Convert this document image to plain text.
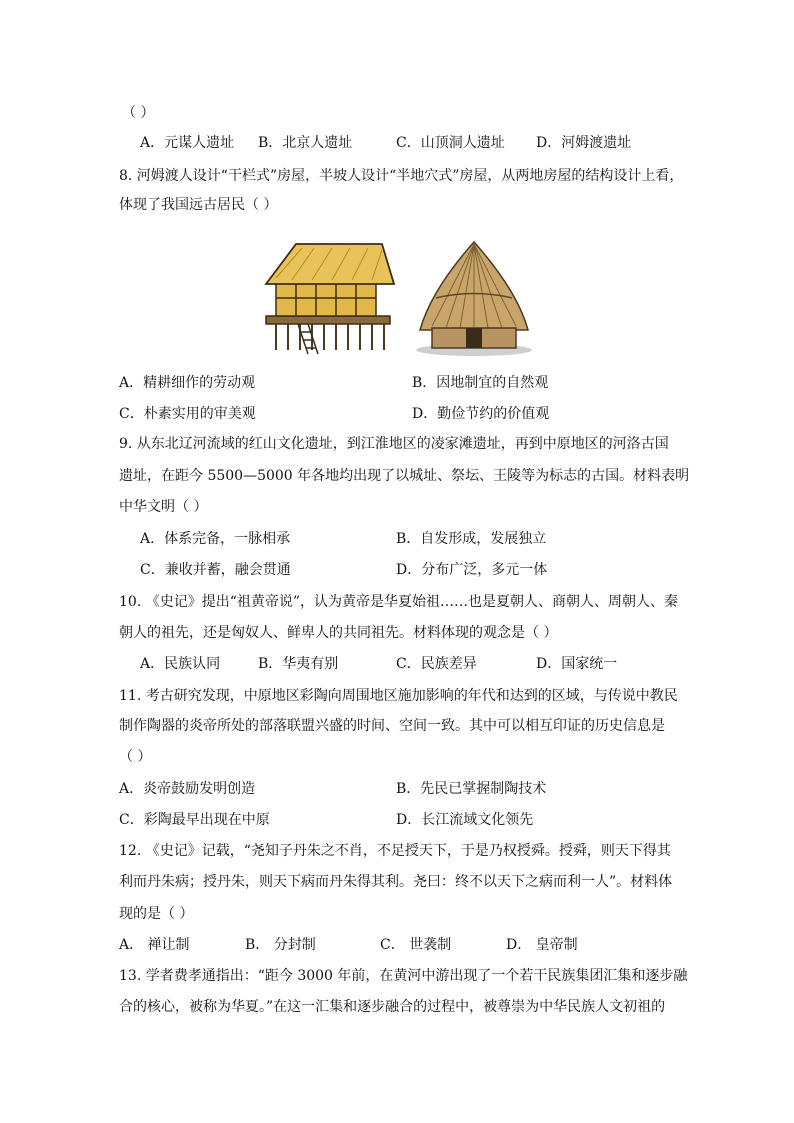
（ ）
A．元谋人遗址 B．北京人遗址	C．山顶洞人遗址 D．河姆渡遗址
8. 河姆渡人设计“干栏式”房屋，半坡人设计“半地穴式”房屋，从两地房屋的结构设计上看，
体现了我国远古居民（ ）
A．精耕细作的劳动观	B．因地制宜的自然观
C．朴素实用的审美观	D．勤俭节约的价值观
9. 从东北辽河流域的红山文化遗址，到江淮地区的凌家滩遗址，再到中原地区的河洛古国
遗址，在距今 5500—5000 年各地均出现了以城址、祭坛、王陵等为标志的古国。材料表明
中华文明（ ）
A．体系完备，一脉相承	B．自发形成，发展独立
C．兼收并蓄，融会贯通	D．分布广泛，多元一体
10. 《史记》提出“祖黄帝说”，认为黄帝是华夏始祖……也是夏朝人、商朝人、周朝人、秦
朝人的祖先，还是匈奴人、鲜卑人的共同祖先。材料体现的观念是（ ）
A．民族认同	B．华夷有别	C．民族差异	D．国家统一
11. 考古研究发现，中原地区彩陶向周围地区施加影响的年代和达到的区域，与传说中教民
制作陶器的炎帝所处的部落联盟兴盛的时间、空间一致。其中可以相互印证的历史信息是
（ ）
A．炎帝鼓励发明创造	B．先民已掌握制陶技术
C．彩陶最早出现在中原	D．长江流域文化领先
12. 《史记》记载，“尧知子丹朱之不肖，不足授天下，于是乃权授舜。授舜，则天下得其
利而丹朱病；授丹朱，则天下病而丹朱得其利。尧曰：终不以天下之病而利一人”。材料体
现的是（ ）
A． 禅让制	B． 分封制	C． 世袭制	D． 皇帝制
13. 学者费孝通指出：“距今 3000 年前，在黄河中游出现了一个若干民族集团汇集和逐步融
合的核心，被称为华夏。”在这一汇集和逐步融合的过程中，被尊崇为中华民族人文初祖的
